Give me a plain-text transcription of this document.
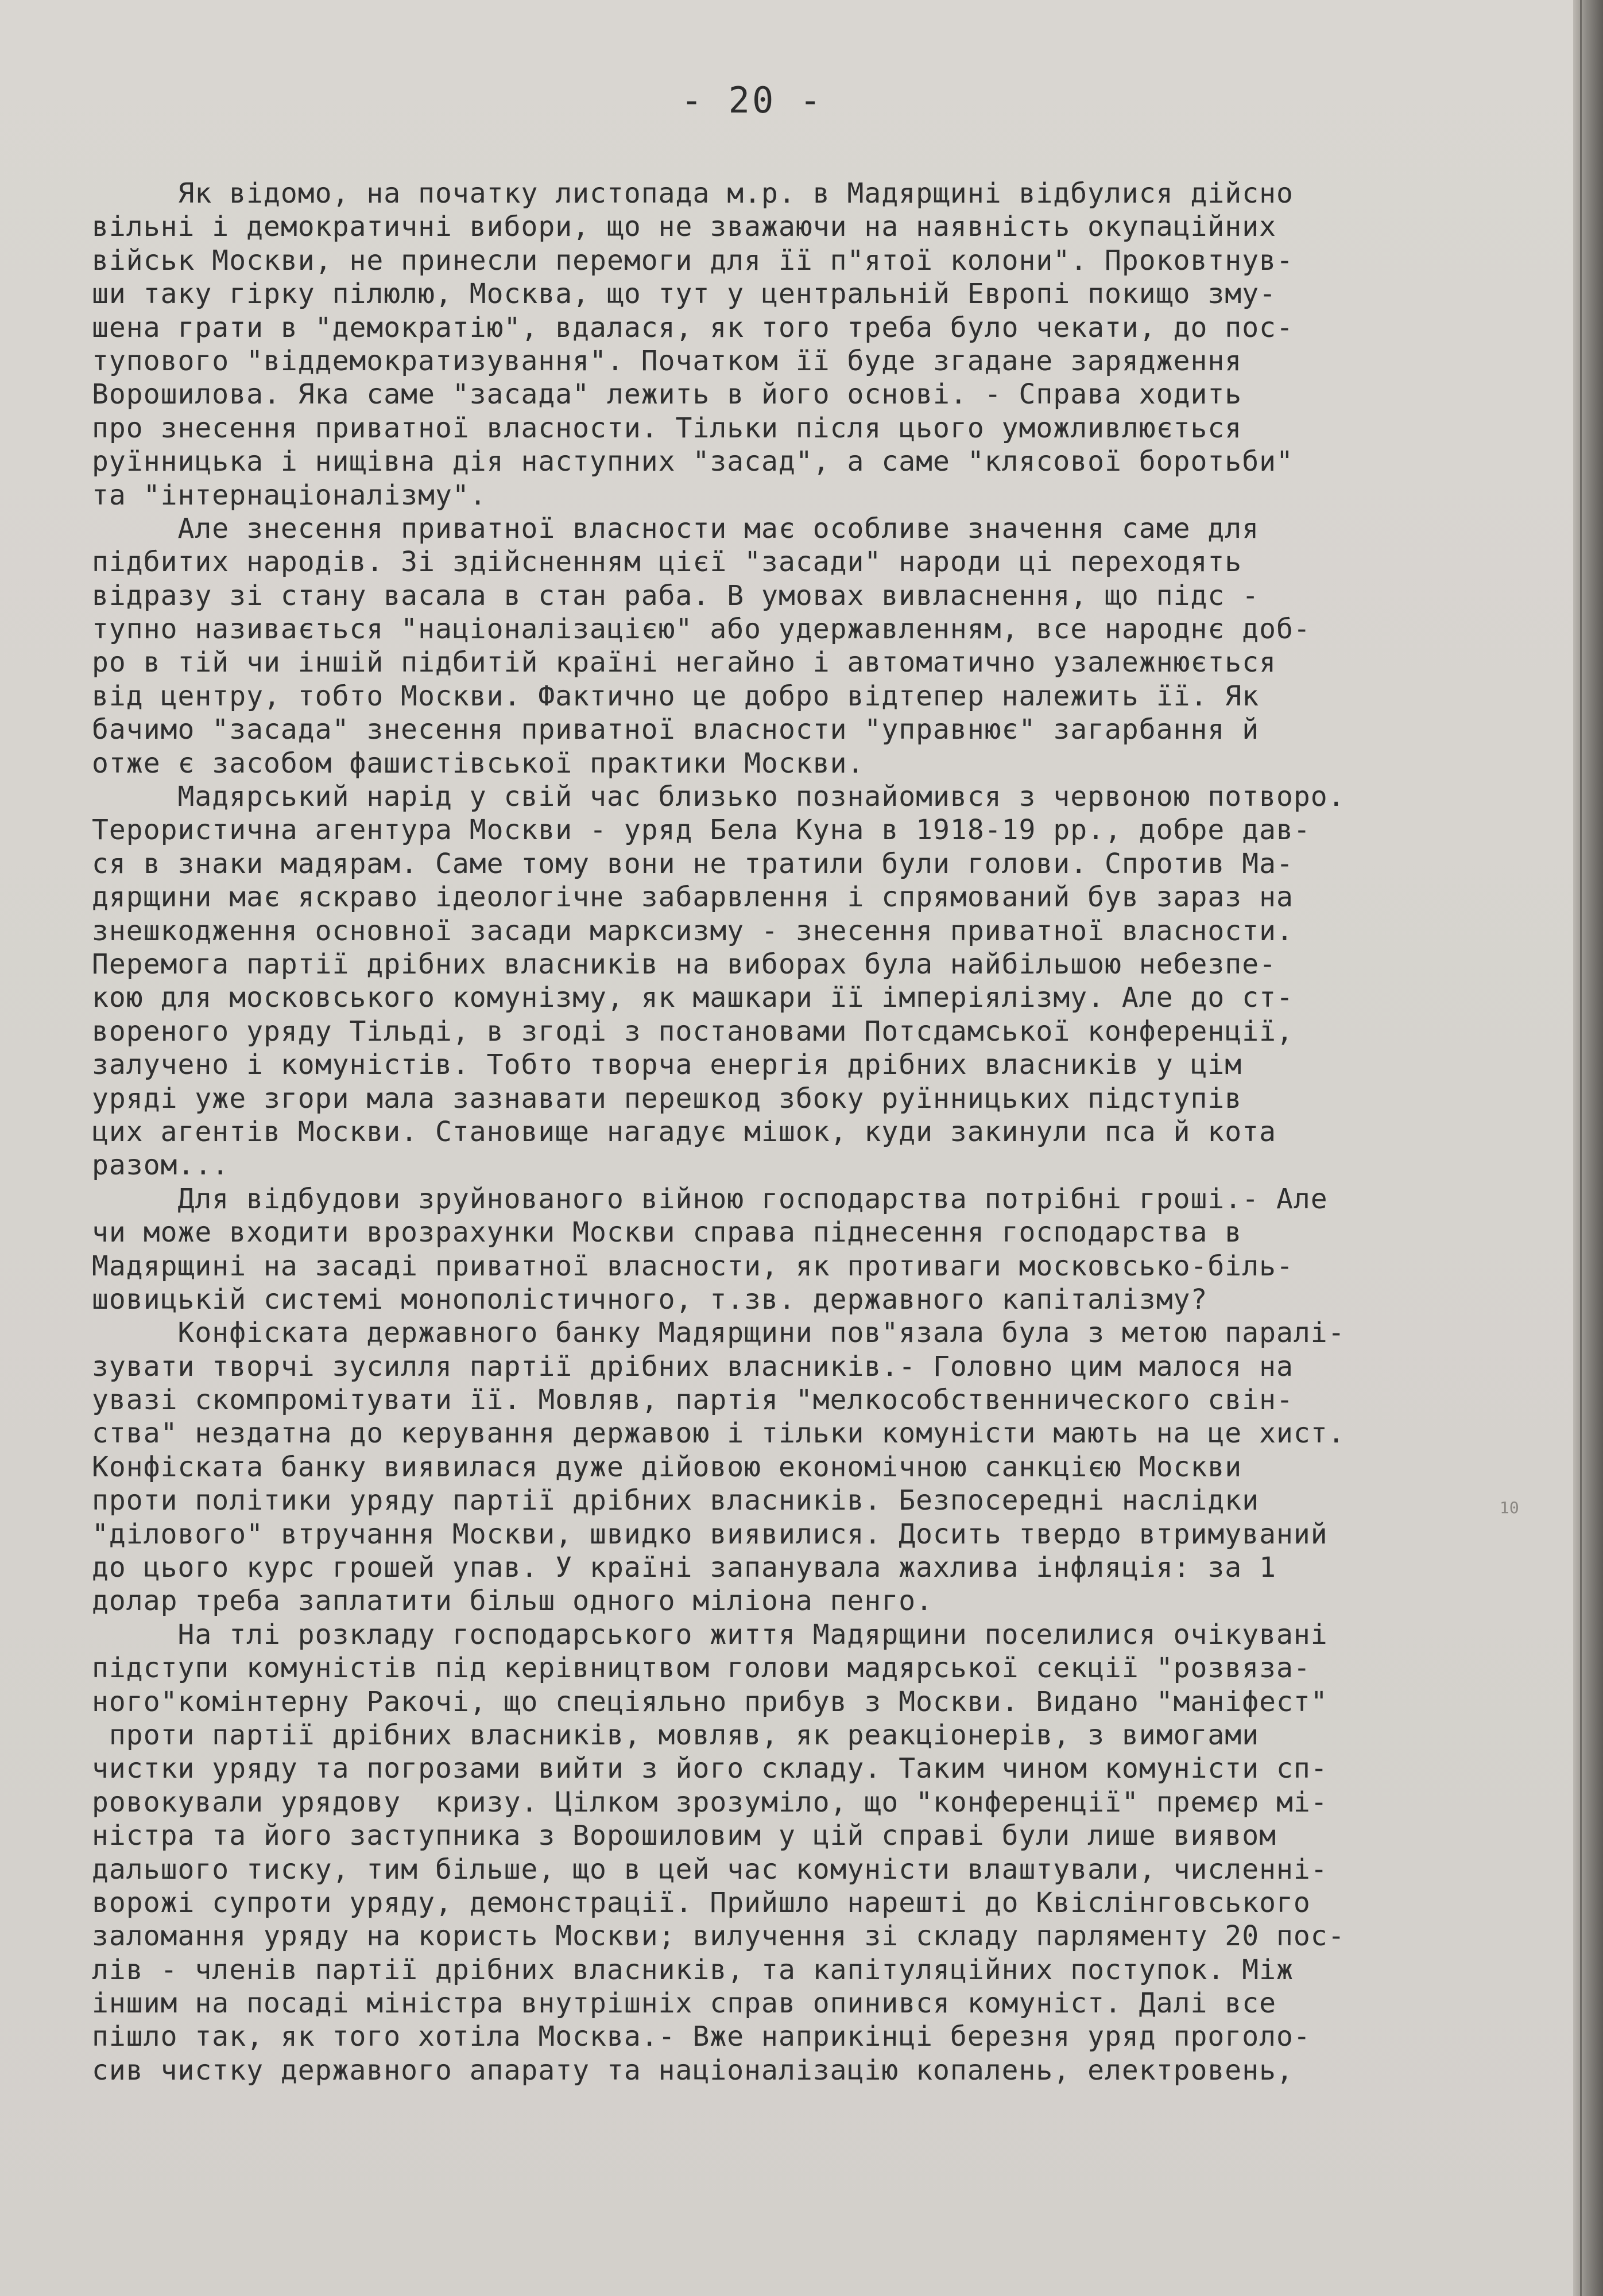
- 20 -
Як відомо, на початку листопада м.р. в Мадярщині відбулися дійсно
вільні і демократичні вибори, що не зважаючи на наявність окупаційних
військ Москви, не принесли перемоги для її п"ятої колони". Проковтнув-
ши таку гірку пілюлю, Москва, що тут у центральній Европі покищо зму-
шена грати в "демократію", вдалася, як того треба було чекати, до пос-
тупового "віддемократизування". Початком її буде згадане зарядження
Ворошилова. Яка саме "засада" лежить в його основі. - Справа ходить
про знесення приватної власности. Тільки після цього уможливлюється
руїнницька і нищівна дія наступних "засад", а саме "клясової боротьби"
та "інтернаціоналізму".
Але знесення приватної власности має особливе значення саме для
підбитих народів. Зі здійсненням цієї "засади" народи ці переходять
відразу зі стану васала в стан раба. В умовах вивласнення, що підс -
тупно називається "націоналізацією" або удержавленням, все народнє доб-
ро в тій чи іншій підбитій країні негайно і автоматично узалежнюється
від центру, тобто Москви. Фактично це добро відтепер належить її. Як
бачимо "засада" знесення приватної власности "управнює" загарбання й
отже є засобом фашистівської практики Москви.
Мадярський нарід у свій час близько познайомився з червоною потворо.
Терористична агентура Москви - уряд Бела Куна в 1918-19 рр., добре дав-
ся в знаки мадярам. Саме тому вони не тратили були голови. Спротив Ма-
дярщини має яскраво ідеологічне забарвлення і спрямований був зараз на
знешкодження основної засади марксизму - знесення приватної власности.
Перемога партії дрібних власників на виборах була найбільшою небезпе-
кою для московського комунізму, як машкари її імперіялізму. Але до ст-
вореного уряду Тільді, в згоді з постановами Потсдамської конференції,
залучено і комуністів. Тобто творча енергія дрібних власників у цім
уряді уже згори мала зазнавати перешкод збоку руїнницьких підступів
цих агентів Москви. Становище нагадує мішок, куди закинули пса й кота
разом...
Для відбудови зруйнованого війною господарства потрібні гроші.- Але
чи може входити врозрахунки Москви справа піднесення господарства в
Мадярщині на засаді приватної власности, як противаги московсько-біль-
шовицькій системі монополістичного, т.зв. державного капіталізму?
Конфіската державного банку Мадярщини пов"язала була з метою паралі-
зувати творчі зусилля партії дрібних власників.- Головно цим малося на
увазі скомпромітувати її. Мовляв, партія "мелкособственнического свін-
ства" нездатна до керування державою і тільки комуністи мають на це хист.
Конфіската банку виявилася дуже дійовою економічною санкцією Москви
проти політики уряду партії дрібних власників. Безпосередні наслідки
"ділового" втручання Москви, швидко виявилися. Досить твердо втримуваний
до цього курс грошей упав. У країні запанувала жахлива інфляція: за 1
долар треба заплатити більш одного міліона пенго.
На тлі розкладу господарського життя Мадярщини поселилися очікувані
підступи комуністів під керівництвом голови мадярської секції "розвяза-
ного"комінтерну Ракочі, що спеціяльно прибув з Москви. Видано "маніфест"
проти партії дрібних власників, мовляв, як реакціонерів, з вимогами
чистки уряду та погрозами вийти з його складу. Таким чином комуністи сп-
ровокували урядову  кризу. Цілком зрозуміло, що "конференції" премєр мі-
ністра та його заступника з Ворошиловим у цій справі були лише виявом
дальшого тиску, тим більше, що в цей час комуністи влаштували, численні-
ворожі супроти уряду, демонстрації. Прийшло нарешті до Квіслінговського
заломання уряду на користь Москви; вилучення зі складу парляменту 20 пос-
лів - членів партії дрібних власників, та капітуляційних поступок. Між
іншим на посаді міністра внутрішніх справ опинився комуніст. Далі все
пішло так, як того хотіла Москва.- Вже наприкінці березня уряд проголо-
сив чистку державного апарату та націоналізацію копалень, електровень,
10
